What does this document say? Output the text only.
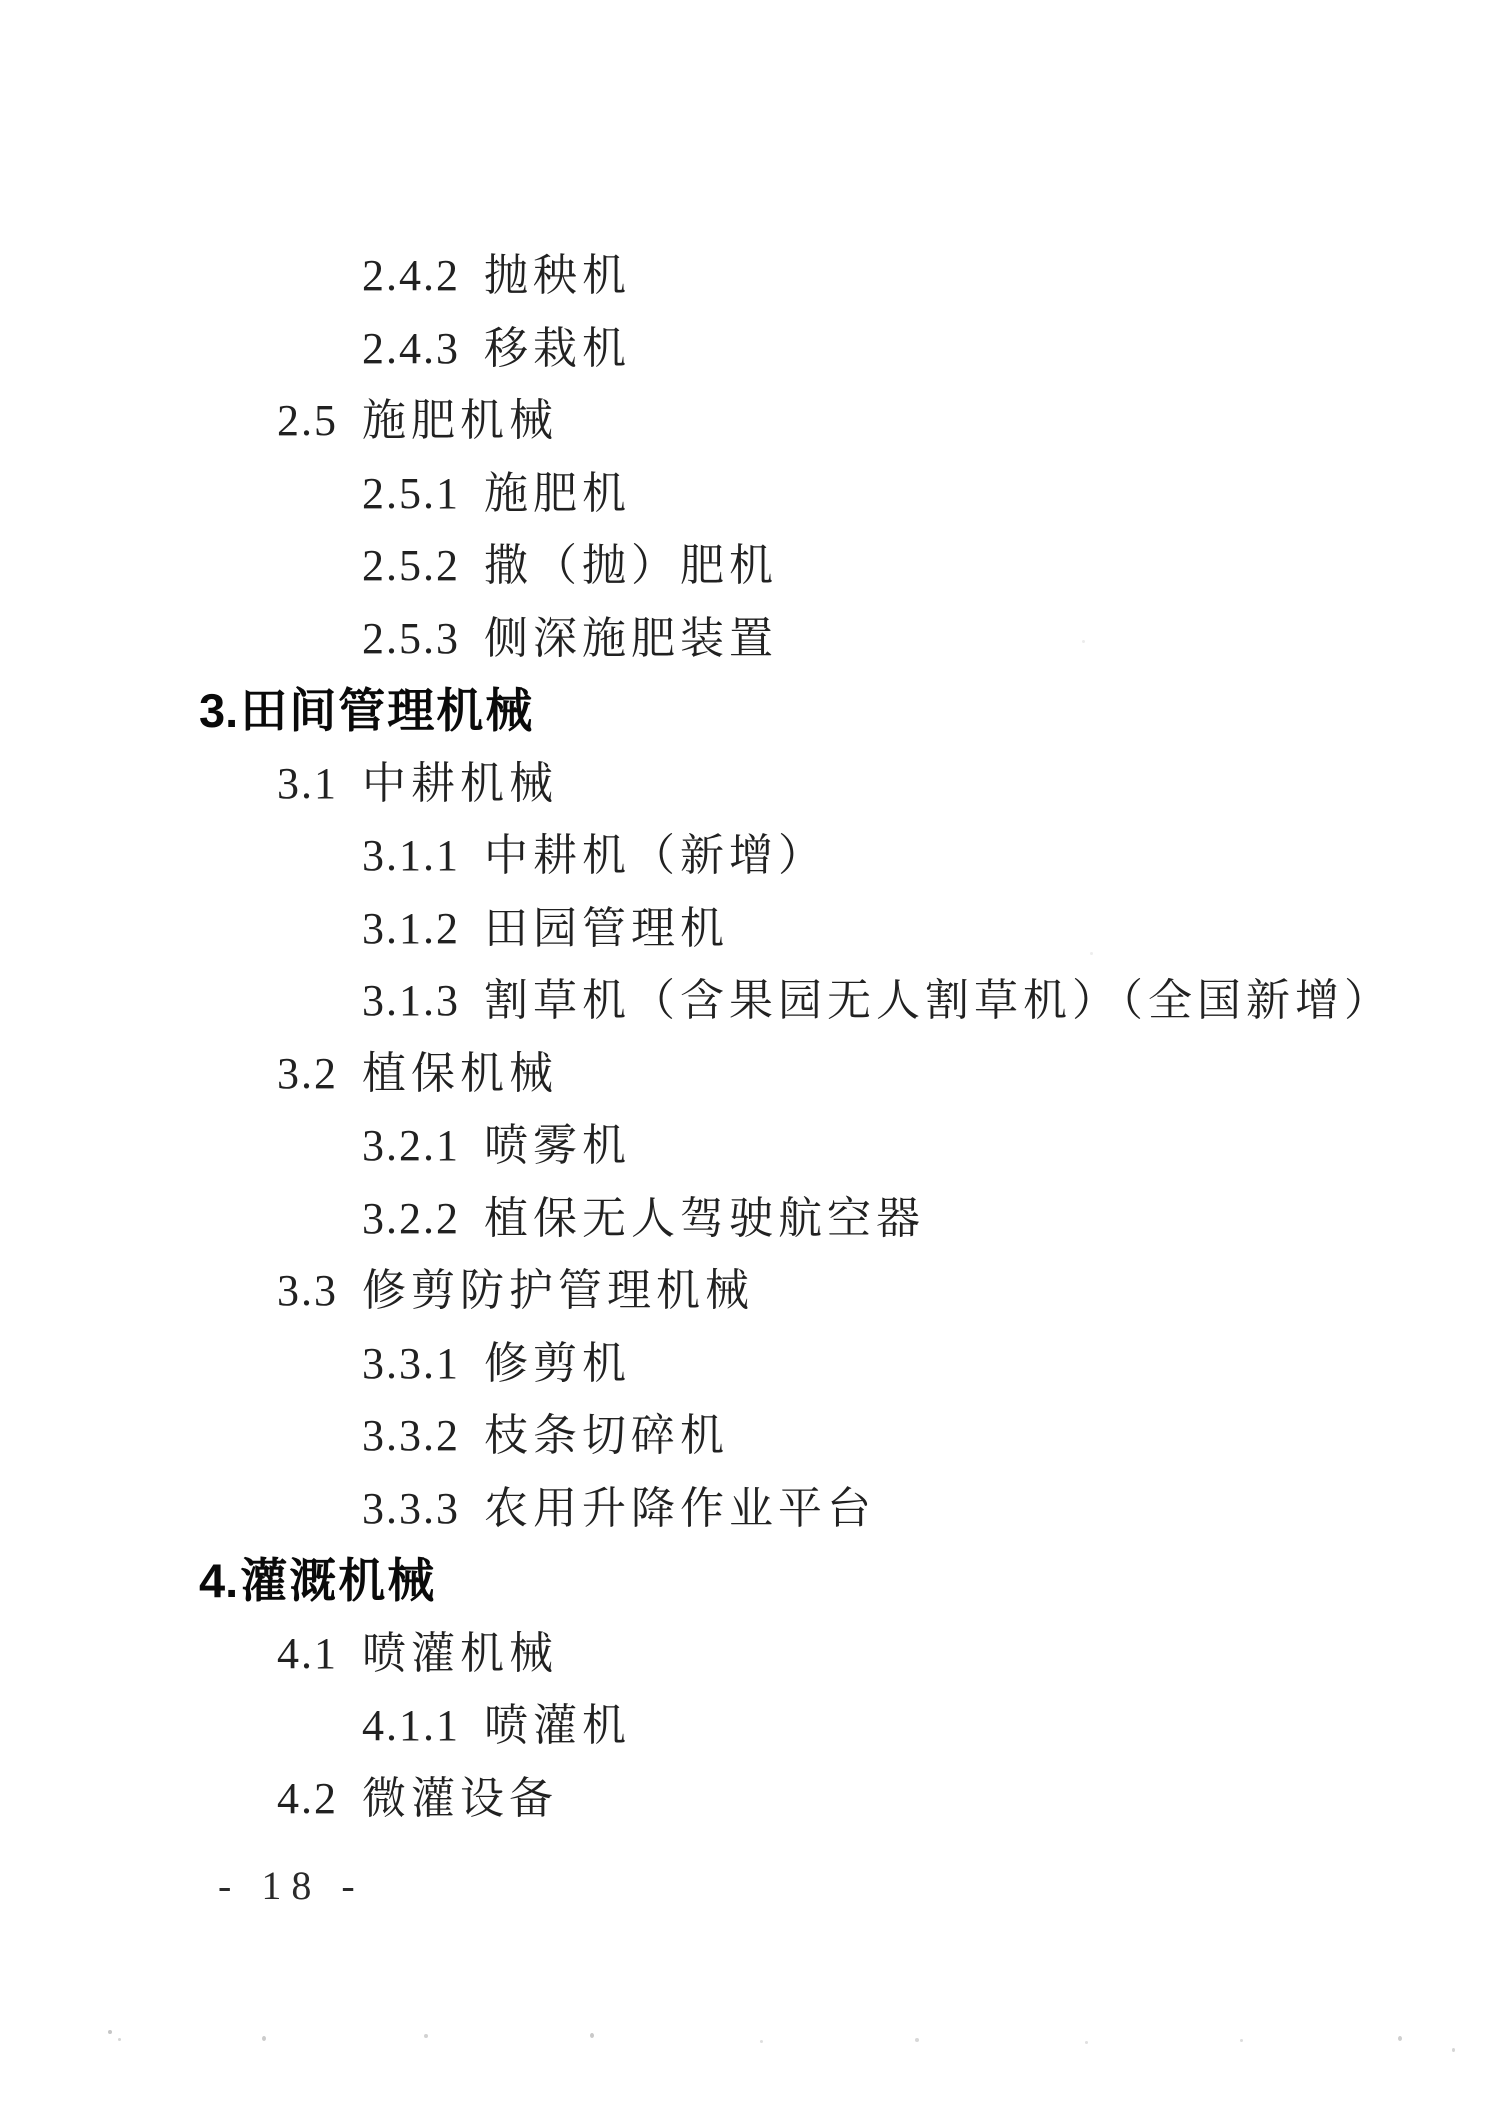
2.4.2 抛秧机
2.4.3 移栽机
2.5 施肥机械
2.5.1 施肥机
2.5.2 撒（抛）肥机
2.5.3 侧深施肥装置
3.田间管理机械
3.1 中耕机械
3.1.1 中耕机（新增）
3.1.2 田园管理机
3.1.3 割草机（含果园无人割草机）（全国新增）
3.2 植保机械
3.2.1 喷雾机
3.2.2 植保无人驾驶航空器
3.3 修剪防护管理机械
3.3.1 修剪机
3.3.2 枝条切碎机
3.3.3 农用升降作业平台
4.灌溉机械
4.1 喷灌机械
4.1.1 喷灌机
4.2 微灌设备
- 18 -
